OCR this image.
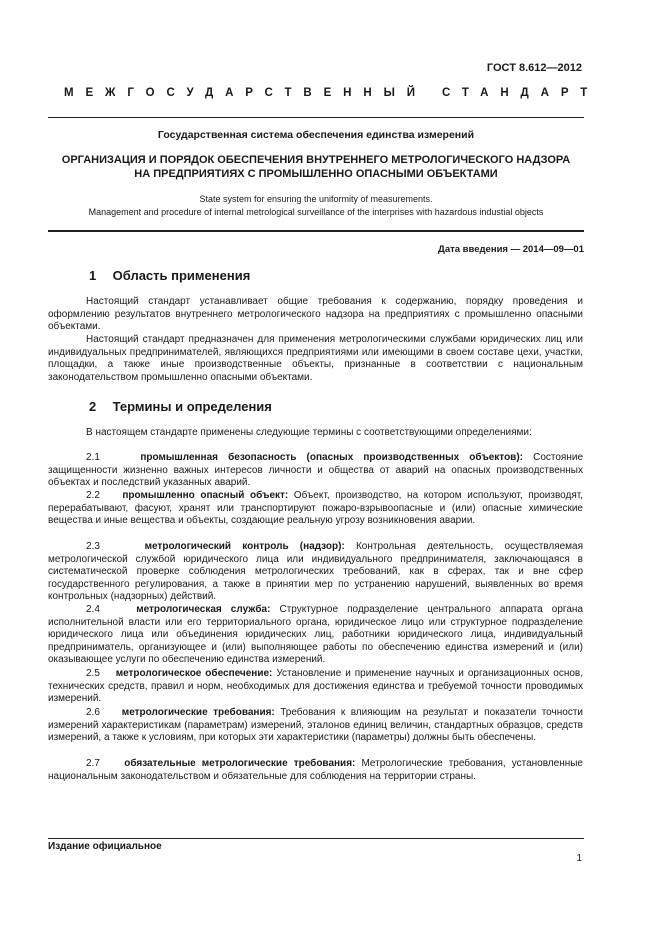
ГОСТ 8.612—2012
МЕЖГОСУДАРСТВЕННЫЙ СТАНДАРТ
Государственная система обеспечения единства измерений
ОРГАНИЗАЦИЯ И ПОРЯДОК ОБЕСПЕЧЕНИЯ ВНУТРЕННЕГО МЕТРОЛОГИЧЕСКОГО НАДЗОРА
НА ПРЕДПРИЯТИЯХ С ПРОМЫШЛЕННО ОПАСНЫМИ ОБЪЕКТАМИ
State system for ensuring the uniformity of measurements.
Management and procedure of internal metrological surveillance of the interprises with hazardous industial objects
Дата введения — 2014—09—01
1 Область применения

Настоящий стандарт устанавливает общие требования к содержанию, порядку проведения и оформлению результатов внутреннего метрологического надзора на предприятиях с промышленно опасными объектами.

Настоящий стандарт предназначен для применения метрологическими службами юридических лиц или индивидуальных предпринимателей, являющихся предприятиями или имеющими в своем составе цехи, участки, площадки, а также иные производственные объекты, признанные в соответствии с национальным законодательством промышленно опасными объектами.

2 Термины и определения

В настоящем стандарте применены следующие термины с соответствующими определениями:

2.1	промышленная безопасность (опасных производственных объектов): Состояние защищенности жизненно важных интересов личности и общества от аварий на опасных производственных объектах и последствий указанных аварий.

2.2 промышленно опасный объект: Объект, производство, на котором используют, производят, перерабатывают, фасуют, хранят или транспортируют пожаро-взрывоопасные и (или) опасные химические вещества и иные вещества и объекты, создающие реальную угрозу возникновения аварии.

2.3	метрологический контроль (надзор): Контрольная деятельность, осуществляемая метрологической службой юридического лица или индивидуального предпринимателя, заключающаяся в систематической проверке соблюдения метрологических требований, как в сферах, так и вне сфер государственного регулирования, а также в принятии мер по устранению нарушений, выявленных во время контрольных (надзорных) действий.

2.4	метрологическая служба: Структурное подразделение центрального аппарата органа исполнительной власти или его территориального органа, юридическое лицо или структурное подразделение юридического лица или объединения юридических лиц, работники юридического лица, индивидуальный предприниматель, организующее и (или) выполняющее работы по обеспечению единства измерений и (или) оказывающее услуги по обеспечению единства измерений.

2.5 метрологическое обеспечение: Установление и применение научных и организационных основ, технических средств, правил и норм, необходимых для достижения единства и требуемой точности проводимых измерений.

2.6 метрологические требования: Требования к влияющим на результат и показатели точности измерений характеристикам (параметрам) измерений, эталонов единиц величин, стандартных образцов, средств измерений, а также к условиям, при которых эти характеристики (параметры) должны быть обеспечены.

2.7 обязательные метрологические требования: Метрологические требования, установленные национальным законодательством и обязательные для соблюдения на территории страны.

Издание официальное
1
